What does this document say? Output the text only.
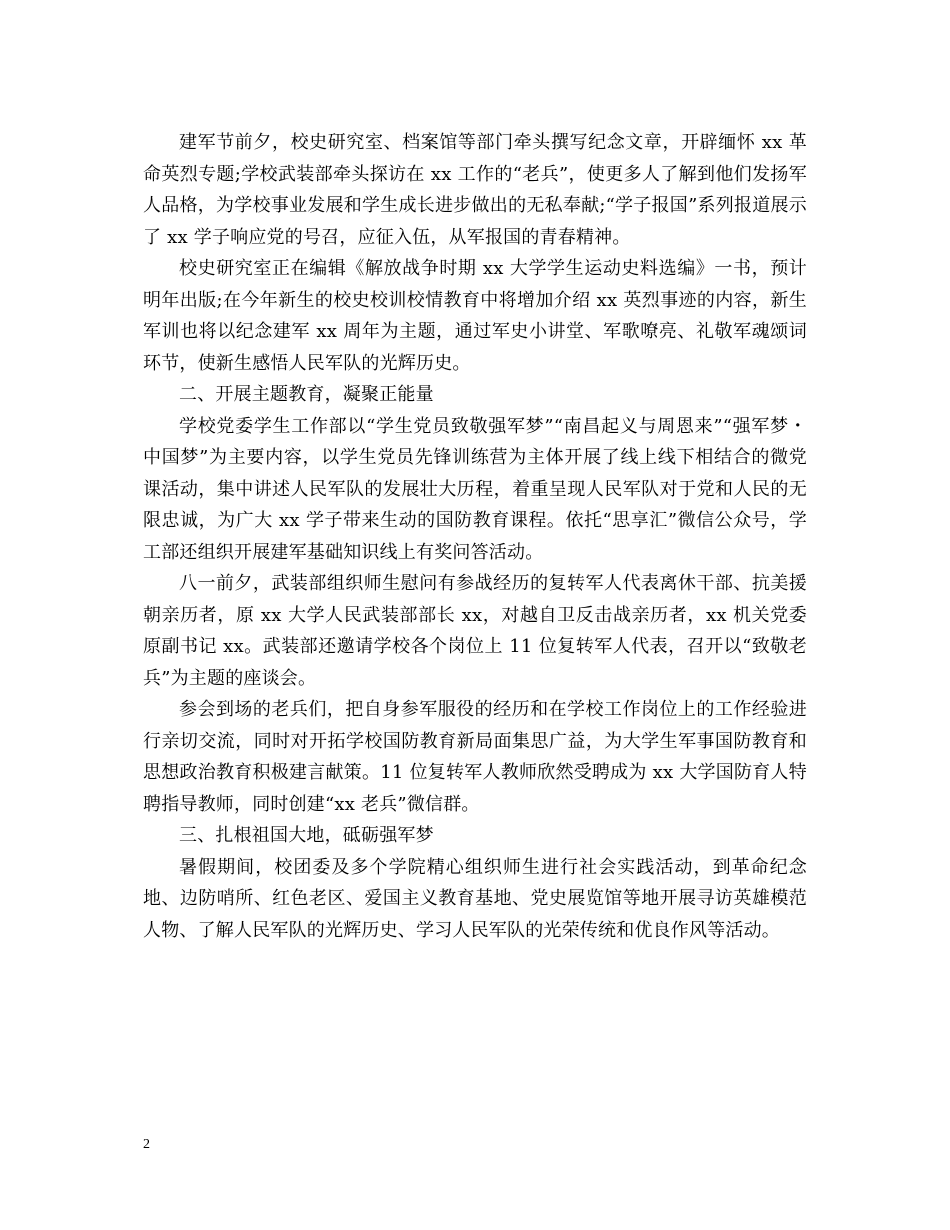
建军节前夕，校史研究室、档案馆等部门牵头撰写纪念文章，开辟缅怀 xx 革命英烈专题;学校武装部牵头探访在 xx 工作的“老兵”，使更多人了解到他们发扬军人品格，为学校事业发展和学生成长进步做出的无私奉献;“学子报国”系列报道展示了 xx 学子响应党的号召，应征入伍，从军报国的青春精神。

校史研究室正在编辑《解放战争时期 xx 大学学生运动史料选编》一书，预计明年出版;在今年新生的校史校训校情教育中将增加介绍 xx 英烈事迹的内容，新生军训也将以纪念建军 xx 周年为主题，通过军史小讲堂、军歌嘹亮、礼敬军魂颂词环节，使新生感悟人民军队的光辉历史。

二、开展主题教育，凝聚正能量

学校党委学生工作部以“学生党员致敬强军梦”“南昌起义与周恩来”“强军梦・中国梦”为主要内容，以学生党员先锋训练营为主体开展了线上线下相结合的微党课活动，集中讲述人民军队的发展壮大历程，着重呈现人民军队对于党和人民的无限忠诚，为广大 xx 学子带来生动的国防教育课程。依托“思享汇”微信公众号，学工部还组织开展建军基础知识线上有奖问答活动。

八一前夕，武装部组织师生慰问有参战经历的复转军人代表离休干部、抗美援朝亲历者，原 xx 大学人民武装部部长 xx，对越自卫反击战亲历者，xx 机关党委原副书记 xx。武装部还邀请学校各个岗位上 11 位复转军人代表，召开以“致敬老兵”为主题的座谈会。

参会到场的老兵们，把自身参军服役的经历和在学校工作岗位上的工作经验进行亲切交流，同时对开拓学校国防教育新局面集思广益，为大学生军事国防教育和思想政治教育积极建言献策。11 位复转军人教师欣然受聘成为 xx 大学国防育人特聘指导教师，同时创建“xx 老兵”微信群。

三、扎根祖国大地，砥砺强军梦

暑假期间，校团委及多个学院精心组织师生进行社会实践活动，到革命纪念地、边防哨所、红色老区、爱国主义教育基地、党史展览馆等地开展寻访英雄模范人物、了解人民军队的光辉历史、学习人民军队的光荣传统和优良作风等活动。

2
